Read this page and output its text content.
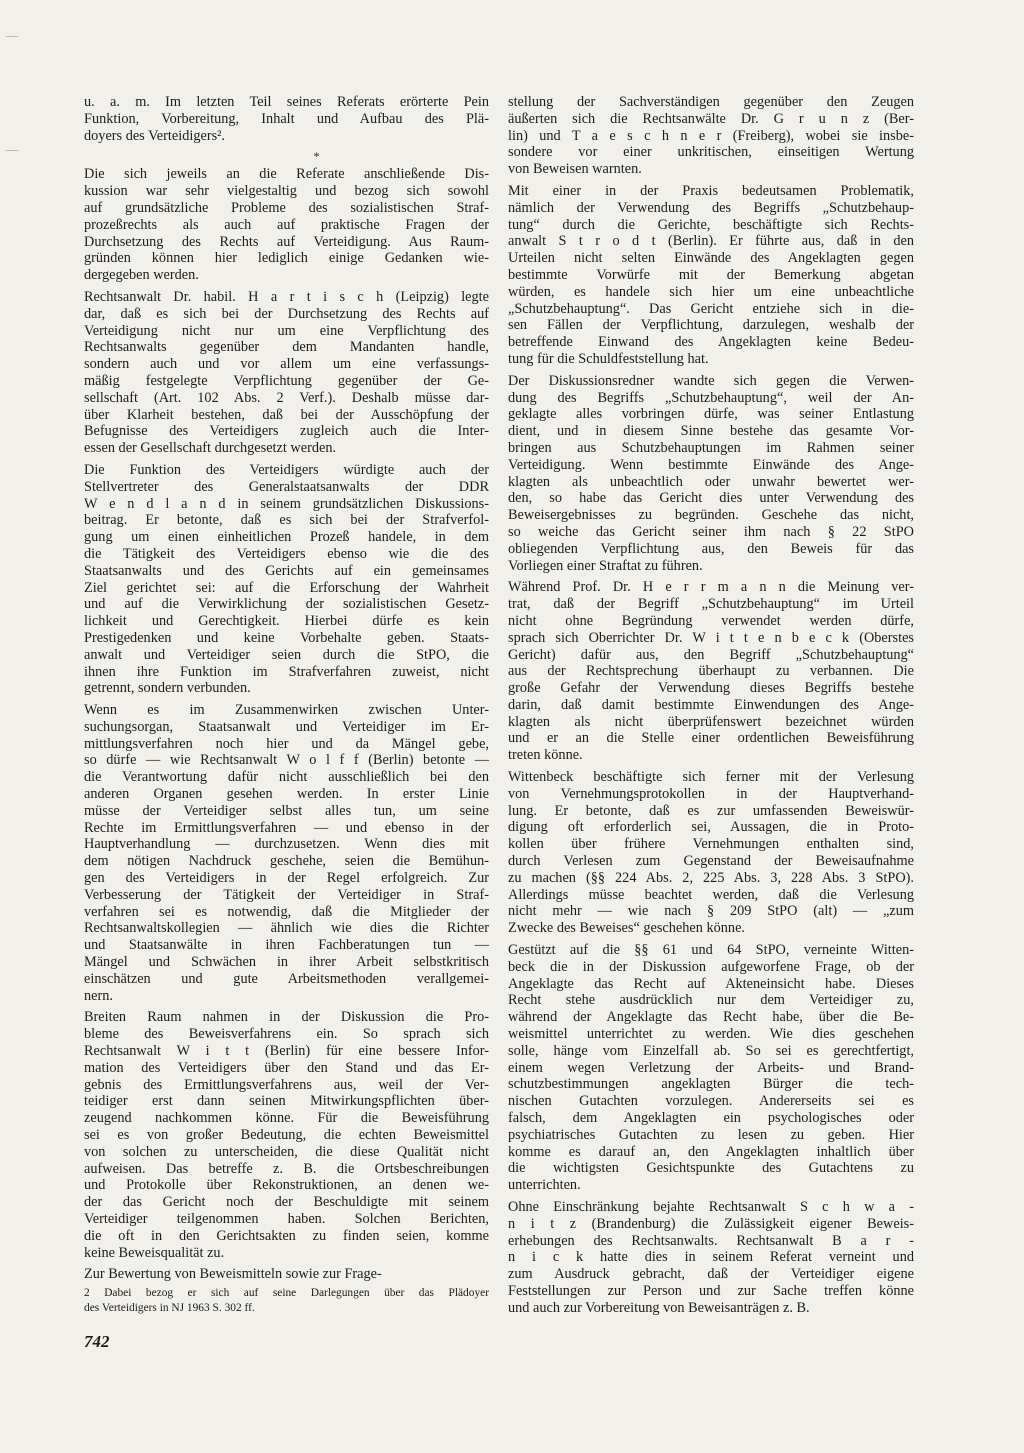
u. a. m. Im letzten Teil seines Referats erörterte Pein
Funktion, Vorbereitung, Inhalt und Aufbau des Plä-
doyers des Verteidigers².
*
Die sich jeweils an die Referate anschließende Dis-
kussion war sehr vielgestaltig und bezog sich sowohl
auf grundsätzliche Probleme des sozialistischen Straf-
prozeßrechts als auch auf praktische Fragen der
Durchsetzung des Rechts auf Verteidigung. Aus Raum-
gründen können hier lediglich einige Gedanken wie-
dergegeben werden.
Rechtsanwalt Dr. habil. H a r t i s c h (Leipzig) legte
dar, daß es sich bei der Durchsetzung des Rechts auf
Verteidigung nicht nur um eine Verpflichtung des
Rechtsanwalts gegenüber dem Mandanten handle,
sondern auch und vor allem um eine verfassungs-
mäßig festgelegte Verpflichtung gegenüber der Ge-
sellschaft (Art. 102 Abs. 2 Verf.). Deshalb müsse dar-
über Klarheit bestehen, daß bei der Ausschöpfung der
Befugnisse des Verteidigers zugleich auch die Inter-
essen der Gesellschaft durchgesetzt werden.
Die Funktion des Verteidigers würdigte auch der
Stellvertreter des Generalstaatsanwalts der DDR
W e n d l a n d in seinem grundsätzlichen Diskussions-
beitrag. Er betonte, daß es sich bei der Strafverfol-
gung um einen einheitlichen Prozeß handele, in dem
die Tätigkeit des Verteidigers ebenso wie die des
Staatsanwalts und des Gerichts auf ein gemeinsames
Ziel gerichtet sei: auf die Erforschung der Wahrheit
und auf die Verwirklichung der sozialistischen Gesetz-
lichkeit und Gerechtigkeit. Hierbei dürfe es kein
Prestigedenken und keine Vorbehalte geben. Staats-
anwalt und Verteidiger seien durch die StPO, die
ihnen ihre Funktion im Strafverfahren zuweist, nicht
getrennt, sondern verbunden.
Wenn es im Zusammenwirken zwischen Unter-
suchungsorgan, Staatsanwalt und Verteidiger im Er-
mittlungsverfahren noch hier und da Mängel gebe,
so dürfe — wie Rechtsanwalt W o l f f (Berlin) betonte —
die Verantwortung dafür nicht ausschließlich bei den
anderen Organen gesehen werden. In erster Linie
müsse der Verteidiger selbst alles tun, um seine
Rechte im Ermittlungsverfahren — und ebenso in der
Hauptverhandlung — durchzusetzen. Wenn dies mit
dem nötigen Nachdruck geschehe, seien die Bemühun-
gen des Verteidigers in der Regel erfolgreich. Zur
Verbesserung der Tätigkeit der Verteidiger in Straf-
verfahren sei es notwendig, daß die Mitglieder der
Rechtsanwaltskollegien — ähnlich wie dies die Richter
und Staatsanwälte in ihren Fachberatungen tun —
Mängel und Schwächen in ihrer Arbeit selbstkritisch
einschätzen und gute Arbeitsmethoden verallgemei-
nern.
Breiten Raum nahmen in der Diskussion die Pro-
bleme des Beweisverfahrens ein. So sprach sich
Rechtsanwalt W i t t (Berlin) für eine bessere Infor-
mation des Verteidigers über den Stand und das Er-
gebnis des Ermittlungsverfahrens aus, weil der Ver-
teidiger erst dann seinen Mitwirkungspflichten über-
zeugend nachkommen könne. Für die Beweisführung
sei es von großer Bedeutung, die echten Beweismittel
von solchen zu unterscheiden, die diese Qualität nicht
aufweisen. Das betreffe z. B. die Ortsbeschreibungen
und Protokolle über Rekonstruktionen, an denen we-
der das Gericht noch der Beschuldigte mit seinem
Verteidiger teilgenommen haben. Solchen Berichten,
die oft in den Gerichtsakten zu finden seien, komme
keine Beweisqualität zu.
Zur Bewertung von Beweismitteln sowie zur Frage-
stellung der Sachverständigen gegenüber den Zeugen
äußerten sich die Rechtsanwälte Dr. G r u n z (Ber-
lin) und T a e s c h n e r (Freiberg), wobei sie insbe-
sondere vor einer unkritischen, einseitigen Wertung
von Beweisen warnten.
Mit einer in der Praxis bedeutsamen Problematik,
nämlich der Verwendung des Begriffs „Schutzbehaup-
tung“ durch die Gerichte, beschäftigte sich Rechts-
anwalt S t r o d t (Berlin). Er führte aus, daß in den
Urteilen nicht selten Einwände des Angeklagten gegen
bestimmte Vorwürfe mit der Bemerkung abgetan
würden, es handele sich hier um eine unbeachtliche
„Schutzbehauptung“. Das Gericht entziehe sich in die-
sen Fällen der Verpflichtung, darzulegen, weshalb der
betreffende Einwand des Angeklagten keine Bedeu-
tung für die Schuldfeststellung hat.
Der Diskussionsredner wandte sich gegen die Verwen-
dung des Begriffs „Schutzbehauptung“, weil der An-
geklagte alles vorbringen dürfe, was seiner Entlastung
dient, und in diesem Sinne bestehe das gesamte Vor-
bringen aus Schutzbehauptungen im Rahmen seiner
Verteidigung. Wenn bestimmte Einwände des Ange-
klagten als unbeachtlich oder unwahr bewertet wer-
den, so habe das Gericht dies unter Verwendung des
Beweisergebnisses zu begründen. Geschehe das nicht,
so weiche das Gericht seiner ihm nach § 22 StPO
obliegenden Verpflichtung aus, den Beweis für das
Vorliegen einer Straftat zu führen.
Während Prof. Dr. H e r r m a n n die Meinung ver-
trat, daß der Begriff „Schutzbehauptung“ im Urteil
nicht ohne Begründung verwendet werden dürfe,
sprach sich Oberrichter Dr. W i t t e n b e c k (Oberstes
Gericht) dafür aus, den Begriff „Schutzbehauptung“
aus der Rechtsprechung überhaupt zu verbannen. Die
große Gefahr der Verwendung dieses Begriffs bestehe
darin, daß damit bestimmte Einwendungen des Ange-
klagten als nicht überprüfenswert bezeichnet würden
und er an die Stelle einer ordentlichen Beweisführung
treten könne.
Wittenbeck beschäftigte sich ferner mit der Verlesung
von Vernehmungsprotokollen in der Hauptverhand-
lung. Er betonte, daß es zur umfassenden Beweiswür-
digung oft erforderlich sei, Aussagen, die in Proto-
kollen über frühere Vernehmungen enthalten sind,
durch Verlesen zum Gegenstand der Beweisaufnahme
zu machen (§§ 224 Abs. 2, 225 Abs. 3, 228 Abs. 3 StPO).
Allerdings müsse beachtet werden, daß die Verlesung
nicht mehr — wie nach § 209 StPO (alt) — „zum
Zwecke des Beweises“ geschehen könne.
Gestützt auf die §§ 61 und 64 StPO, verneinte Witten-
beck die in der Diskussion aufgeworfene Frage, ob der
Angeklagte das Recht auf Akteneinsicht habe. Dieses
Recht stehe ausdrücklich nur dem Verteidiger zu,
während der Angeklagte das Recht habe, über die Be-
weismittel unterrichtet zu werden. Wie dies geschehen
solle, hänge vom Einzelfall ab. So sei es gerechtfertigt,
einem wegen Verletzung der Arbeits- und Brand-
schutzbestimmungen angeklagten Bürger die tech-
nischen Gutachten vorzulegen. Andererseits sei es
falsch, dem Angeklagten ein psychologisches oder
psychiatrisches Gutachten zu lesen zu geben. Hier
komme es darauf an, den Angeklagten inhaltlich über
die wichtigsten Gesichtspunkte des Gutachtens zu
unterrichten.
Ohne Einschränkung bejahte Rechtsanwalt S c h w a -
n i t z (Brandenburg) die Zulässigkeit eigener Beweis-
erhebungen des Rechtsanwalts. Rechtsanwalt B a r -
n i c k hatte dies in seinem Referat verneint und
zum Ausdruck gebracht, daß der Verteidiger eigene
Feststellungen zur Person und zur Sache treffen könne
und auch zur Vorbereitung von Beweisanträgen z. B.
2 Dabei bezog er sich auf seine Darlegungen über das Plädoyer
des Verteidigers in NJ 1963 S. 302 ff.
742
